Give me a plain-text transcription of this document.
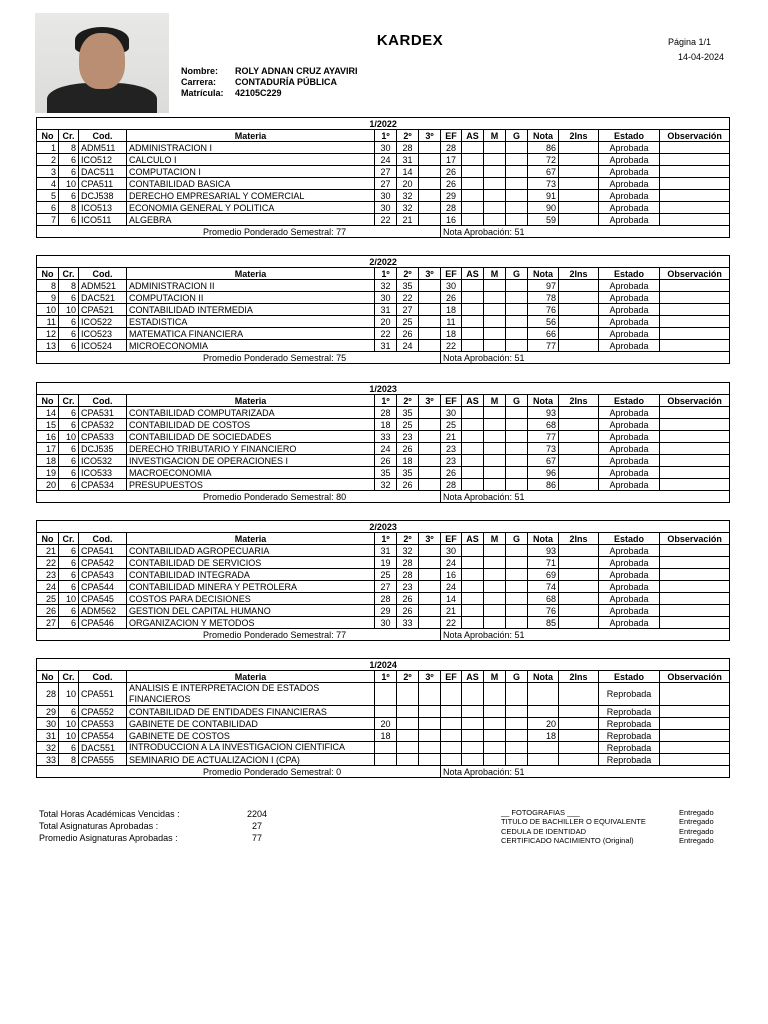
KARDEX	Página 1/1
14-04-2024
Nombre:	ROLY ADNAN CRUZ AYAVIRI
Carrera:	CONTADURÍA PÚBLICA
Matrícula:	42105C229
1/2022														
No	Cr.	Cod.	Materia	1º	2º	3º	EF	AS	M	G	Nota	2Ins	Estado	Observación
1	8	ADM511	ADMINISTRACION I	30	28		28				86		Aprobada	
2	6	ICO512	CALCULO I	24	31		17				72		Aprobada	
3	6	DAC511	COMPUTACION I	27	14		26				67		Aprobada	
4	10	CPA511	CONTABILIDAD BASICA	27	20		26				73		Aprobada	
5	6	DCJ538	DERECHO EMPRESARIAL Y COMERCIAL	30	32		29				91		Aprobada	
6	8	ICO513	ECONOMIA GENERAL Y POLITICA	30	32		28				90		Aprobada	
7	6	ICO511	ALGEBRA	22	21		16				59		Aprobada	
Promedio Ponderado Semestral: 77							Nota Aprobación: 51							
2/2022														
No	Cr.	Cod.	Materia	1º	2º	3º	EF	AS	M	G	Nota	2Ins	Estado	Observación
8	8	ADM521	ADMINISTRACION II	32	35		30				97		Aprobada	
9	6	DAC521	COMPUTACION II	30	22		26				78		Aprobada	
10	10	CPA521	CONTABILIDAD INTERMEDIA	31	27		18				76		Aprobada	
11	6	ICO522	ESTADISTICA	20	25		11				56		Aprobada	
12	6	ICO523	MATEMATICA FINANCIERA	22	26		18				66		Aprobada	
13	6	ICO524	MICROECONOMIA	31	24		22				77		Aprobada	
Promedio Ponderado Semestral: 75							Nota Aprobación: 51							
1/2023														
No	Cr.	Cod.	Materia	1º	2º	3º	EF	AS	M	G	Nota	2Ins	Estado	Observación
14	6	CPA531	CONTABILIDAD COMPUTARIZADA	28	35		30				93		Aprobada	
15	6	CPA532	CONTABILIDAD DE COSTOS	18	25		25				68		Aprobada	
16	10	CPA533	CONTABILIDAD DE SOCIEDADES	33	23		21				77		Aprobada	
17	6	DCJ535	DERECHO TRIBUTARIO Y FINANCIERO	24	26		23				73		Aprobada	
18	6	ICO532	INVESTIGACION DE OPERACIONES I	26	18		23				67		Aprobada	
19	6	ICO533	MACROECONOMIA	35	35		26				96		Aprobada	
20	6	CPA534	PRESUPUESTOS	32	26		28				86		Aprobada	
Promedio Ponderado Semestral: 80							Nota Aprobación: 51							
2/2023														
No	Cr.	Cod.	Materia	1º	2º	3º	EF	AS	M	G	Nota	2Ins	Estado	Observación
21	6	CPA541	CONTABILIDAD AGROPECUARIA	31	32		30				93		Aprobada	
22	6	CPA542	CONTABILIDAD DE SERVICIOS	19	28		24				71		Aprobada	
23	6	CPA543	CONTABILIDAD INTEGRADA	25	28		16				69		Aprobada	
24	6	CPA544	CONTABILIDAD MINERA Y PETROLERA	27	23		24				74		Aprobada	
25	10	CPA545	COSTOS PARA DECISIONES	28	26		14				68		Aprobada	
26	6	ADM562	GESTION DEL CAPITAL HUMANO	29	26		21				76		Aprobada	
27	6	CPA546	ORGANIZACION Y METODOS	30	33		22				85		Aprobada	
Promedio Ponderado Semestral: 77							Nota Aprobación: 51							
1/2024														
No	Cr.	Cod.	Materia	1º	2º	3º	EF	AS	M	G	Nota	2Ins	Estado	Observación
28	10	CPA551	ANALISIS E INTERPRETACION DE ESTADOS FINANCIEROS										Reprobada	
29	6	CPA552	CONTABILIDAD DE ENTIDADES FINANCIERAS										Reprobada	
30	10	CPA553	GABINETE DE CONTABILIDAD	20							20		Reprobada	
31	10	CPA554	GABINETE DE COSTOS	18							18		Reprobada	
32	6	DAC551	INTRODUCCION A LA INVESTIGACION CIENTIFICA										Reprobada	
33	8	CPA555	SEMINARIO DE ACTUALIZACION I (CPA)										Reprobada	
Promedio Ponderado Semestral: 0							Nota Aprobación: 51							
Total Horas Académicas Vencidas :	2204
Total Asignaturas Aprobadas :	27
Promedio Asignaturas Aprobadas :	77
__ FOTOGRAFIAS ___	Entregado
TITULO DE BACHILLER O EQUIVALENTE	Entregado
CEDULA DE IDENTIDAD	Entregado
CERTIFICADO NACIMIENTO (Original)	Entregado
